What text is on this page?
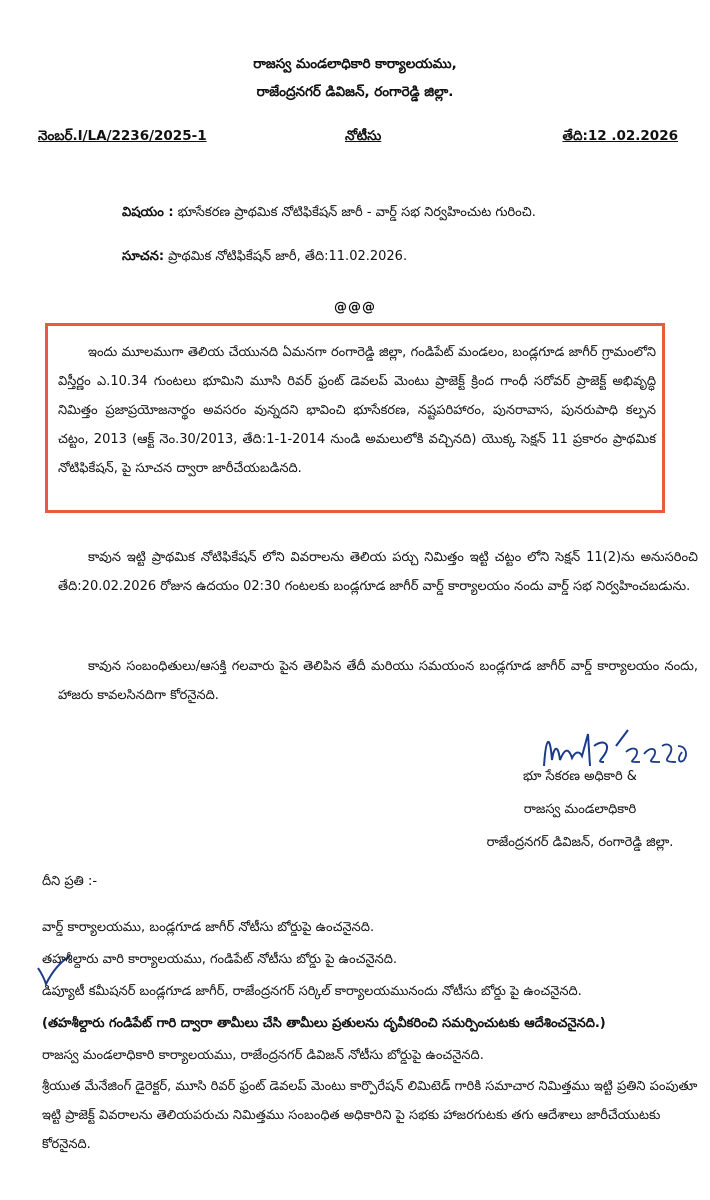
రాజస్వ మండలాధికారి కార్యాలయము,
రాజేంద్రనగర్ డివిజన్, రంగారెడ్డి జిల్లా.
నెంబర్.I/LA/2236/2025-1	నోటీసు	తేది:12 .02.2026
విషయం : భూసేకరణ ప్రాథమిక నోటిఫికేషన్ జారీ - వార్డ్ సభ నిర్వహించుట గురించి.
సూచన: ప్రాథమిక నోటిఫికేషన్ జారీ, తేది:11.02.2026.
@@@
ఇందు మూలముగా తెలియ చేయునది ఏమనగా రంగారెడ్డి జిల్లా, గండిపేట్ మండలం, బండ్లగూడ జాగీర్ గ్రామంలోని విస్తీర్ణం ఎ.10.34 గుంటలు భూమిని మూసి రివర్ ఫ్రంట్ డెవలప్ మెంటు ప్రాజెక్ట్ క్రింద గాంధీ సరోవర్ ప్రాజెక్ట్ అభివృద్ధి నిమిత్తం ప్రజాప్రయోజనార్థం అవసరం వున్నదని భావించి భూసేకరణ, నష్టపరిహారం, పునరావాస, పునరుపాధి కల్పన చట్టం, 2013 (ఆక్ట్ నెం.30/2013, తేది:1-1-2014 నుండి అమలులోకి వచ్చినది) యొక్క సెక్షన్ 11 ప్రకారం ప్రాథమిక నోటిఫికేషన్, పై సూచన ద్వారా జారీచేయబడినది.
కావున ఇట్టి ప్రాథమిక నోటిఫికేషన్ లోని వివరాలను తెలియ పర్చు నిమిత్తం ఇట్టి చట్టం లోని సెక్షన్ 11(2)ను అనుసరించి తేది:20.02.2026 రోజున ఉదయం 02:30 గంటలకు బండ్లగూడ జాగీర్ వార్డ్ కార్యాలయం నందు వార్డ్ సభ నిర్వహించబడును.
కావున సంబంధితులు/ఆసక్తి గలవారు పైన తెలిపిన తేదీ మరియు సమయంన బండ్లగూడ జాగీర్ వార్డ్ కార్యాలయం నందు, హాజరు కావలసినదిగా కోరనైనది.
భూ సేకరణ అధికారి &
రాజస్వ మండలాధికారి
రాజేంద్రనగర్ డివిజన్, రంగారెడ్డి జిల్లా.
దీని ప్రతి :-
వార్డ్ కార్యాలయము, బండ్లగూడ జాగీర్ నోటీసు బోర్డుపై ఉంచనైనది.
తహశీల్దారు వారి కార్యాలయము, గండిపేట్ నోటీసు బోర్డు పై ఉంచనైనది.
డిప్యూటీ కమీషనర్ బండ్లగూడ జాగీర్, రాజేంద్రనగర్ సర్కిల్ కార్యాలయమునందు నోటీసు బోర్డు పై ఉంచనైనది.
(తహశీల్దారు గండిపేట్ గారి ద్వారా తామీలు చేసి తామీలు ప్రతులను దృవీకరించి సమర్పించుటకు ఆదేశించనైనది.)
రాజస్వ మండలాధికారి కార్యాలయము, రాజేంద్రనగర్ డివిజన్ నోటీసు బోర్డుపై ఉంచనైనది.
శ్రీయుత మేనేజింగ్ డైరెక్టర్, మూసి రివర్ ఫ్రంట్ డెవలప్ మెంటు కార్పొరేషన్ లిమిటెడ్ గారికి సమాచార నిమిత్తము ఇట్టి ప్రతిని పంపుతూ ఇట్టి ప్రాజెక్ట్ వివరాలను తెలియపరుచు నిమిత్తము సంబంధిత అధికారిని పై సభకు హాజరగుటకు తగు ఆదేశాలు జారీచేయుటకు కోరనైనది.
